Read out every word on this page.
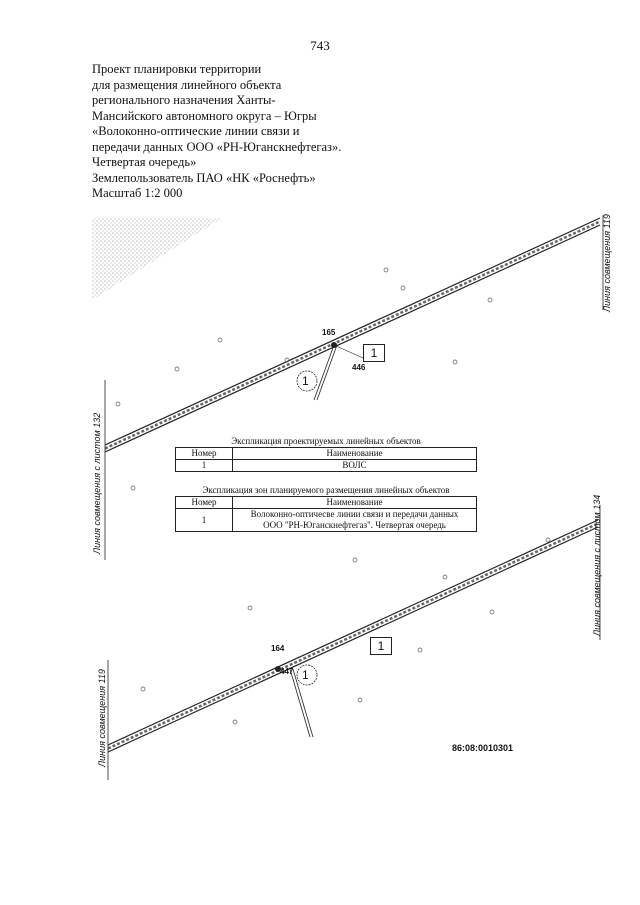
743
Проект планировки территории
для размещения линейного объекта
регионального назначения Ханты-
Мансийского автономного округа – Югры
«Волоконно-оптические линии связи и
передачи данных ООО «РН-Юганскнефтегаз».
Четвертая очередь»
Землепользователь ПАО «НК «Роснефть»
Масштаб 1:2 000
165
446
1
1
164
447 1
1
Линия совмещения с листом 132
Линия совмещения 119
Линия совмещения 119
Линия совмещения с листом 134
Экспликация проектируемых линейных объектов
Номер	Наименование
1	ВОЛС
Экспликация зон планируемого размещения линейных объектов
Номер	Наименование
1	Волоконно-оптичесве линии связи и передачи данных
ООО "РН-Юганскнефтегаз". Четвертая очередь
86:08:0010301
